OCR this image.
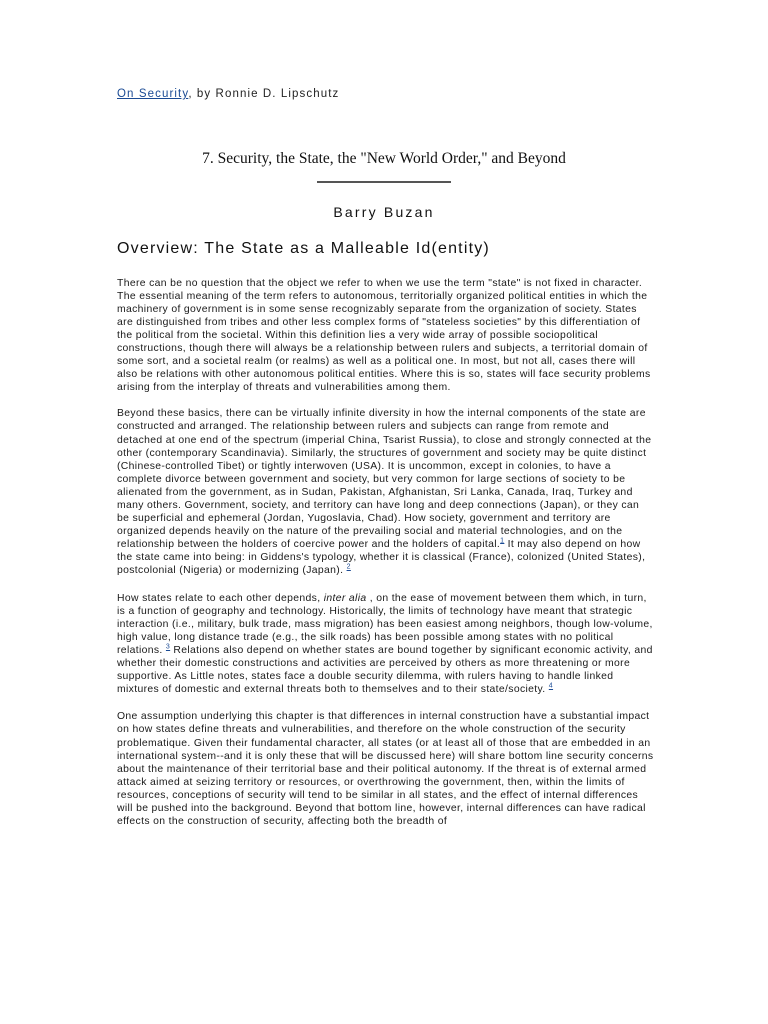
On Security, by Ronnie D. Lipschutz
7. Security, the State, the "New World Order," and Beyond
Barry Buzan
Overview: The State as a Malleable Id(entity)

There can be no question that the object we refer to when we use the term "state" is not fixed in character. The essential meaning of the term refers to autonomous, territorially organized political entities in which the machinery of government is in some sense recognizably separate from the organization of society. States are distinguished from tribes and other less complex forms of "stateless societies" by this differentiation of the political from the societal. Within this definition lies a very wide array of possible sociopolitical constructions, though there will always be a relationship between rulers and subjects, a territorial domain of some sort, and a societal realm (or realms) as well as a political one. In most, but not all, cases there will also be relations with other autonomous political entities. Where this is so, states will face security problems arising from the interplay of threats and vulnerabilities among them.

Beyond these basics, there can be virtually infinite diversity in how the internal components of the state are constructed and arranged. The relationship between rulers and subjects can range from remote and detached at one end of the spectrum (imperial China, Tsarist Russia), to close and strongly connected at the other (contemporary Scandinavia). Similarly, the structures of government and society may be quite distinct (Chinese-controlled Tibet) or tightly interwoven (USA). It is uncommon, except in colonies, to have a complete divorce between government and society, but very common for large sections of society to be alienated from the government, as in Sudan, Pakistan, Afghanistan, Sri Lanka, Canada, Iraq, Turkey and many others. Government, society, and territory can have long and deep connections (Japan), or they can be superficial and ephemeral (Jordan, Yugoslavia, Chad). How society, government and territory are organized depends heavily on the nature of the prevailing social and material technologies, and on the relationship between the holders of coercive power and the holders of capital.$^1$ It may also depend on how the state came into being: in Giddens's typology, whether it is classical (France), colonized (United States), postcolonial (Nigeria) or modernizing (Japan). $^2$

How states relate to each other depends, inter alia , on the ease of movement between them which, in turn, is a function of geography and technology. Historically, the limits of technology have meant that strategic interaction (i.e., military, bulk trade, mass migration) has been easiest among neighbors, though low-volume, high value, long distance trade (e.g., the silk roads) has been possible among states with no political relations. $^3$ Relations also depend on whether states are bound together by significant economic activity, and whether their domestic constructions and activities are perceived by others as more threatening or more supportive. As Little notes, states face a double security dilemma, with rulers having to handle linked mixtures of domestic and external threats both to themselves and to their state/society. $^4$

One assumption underlying this chapter is that differences in internal construction have a substantial impact on how states define threats and vulnerabilities, and therefore on the whole construction of the security problematique. Given their fundamental character, all states (or at least all of those that are embedded in an international system--and it is only these that will be discussed here) will share bottom line security concerns about the maintenance of their territorial base and their political autonomy. If the threat is of external armed attack aimed at seizing territory or resources, or overthrowing the government, then, within the limits of resources, conceptions of security will tend to be similar in all states, and the effect of internal differences will be pushed into the background. Beyond that bottom line, however, internal differences can have radical effects on the construction of security, affecting both the breadth of
